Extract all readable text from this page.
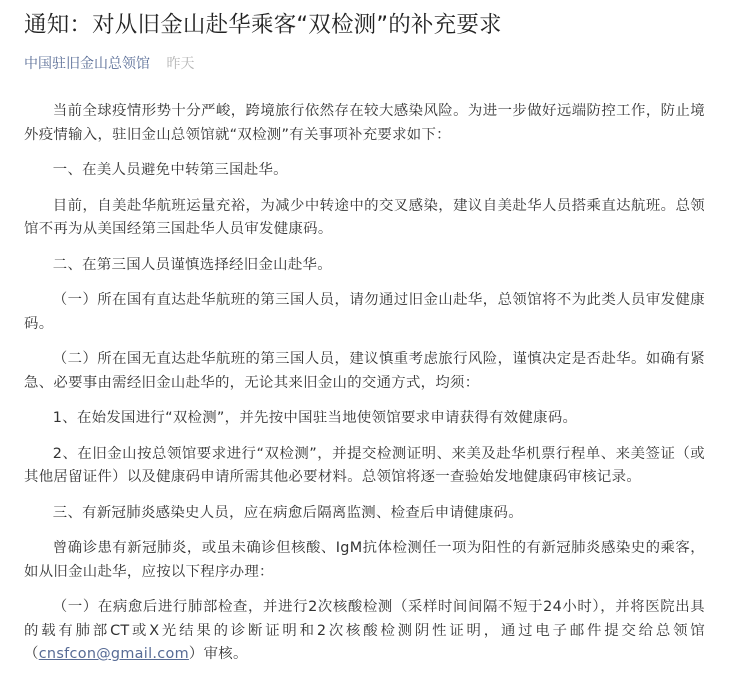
通知：对从旧金山赴华乘客“双检测”的补充要求
中国驻旧金山总领馆 昨天

当前全球疫情形势十分严峻，跨境旅行依然存在较大感染风险。为进一步做好远端防控工作，防止境外疫情输入，驻旧金山总领馆就“双检测”有关事项补充要求如下：

一、在美人员避免中转第三国赴华。

目前，自美赴华航班运量充裕，为减少中转途中的交叉感染，建议自美赴华人员搭乘直达航班。总领馆不再为从美国经第三国赴华人员审发健康码。

二、在第三国人员谨慎选择经旧金山赴华。

（一）所在国有直达赴华航班的第三国人员，请勿通过旧金山赴华，总领馆将不为此类人员审发健康码。

（二）所在国无直达赴华航班的第三国人员，建议慎重考虑旅行风险，谨慎决定是否赴华。如确有紧急、必要事由需经旧金山赴华的，无论其来旧金山的交通方式，均须：

1、在始发国进行“双检测”，并先按中国驻当地使领馆要求申请获得有效健康码。

2、在旧金山按总领馆要求进行“双检测”，并提交检测证明、来美及赴华机票行程单、来美签证（或其他居留证件）以及健康码申请所需其他必要材料。总领馆将逐一查验始发地健康码审核记录。

三、有新冠肺炎感染史人员，应在病愈后隔离监测、检查后申请健康码。

曾确诊患有新冠肺炎，或虽未确诊但核酸、IgM抗体检测任一项为阳性的有新冠肺炎感染史的乘客，如从旧金山赴华，应按以下程序办理：

（一）在病愈后进行肺部检查，并进行2次核酸检测（采样时间间隔不短于24小时），并将医院出具的载有肺部CT或X光结果的诊断证明和2次核酸检测阴性证明，通过电子邮件提交给总领馆（cnsfcon@gmail.com）审核。
